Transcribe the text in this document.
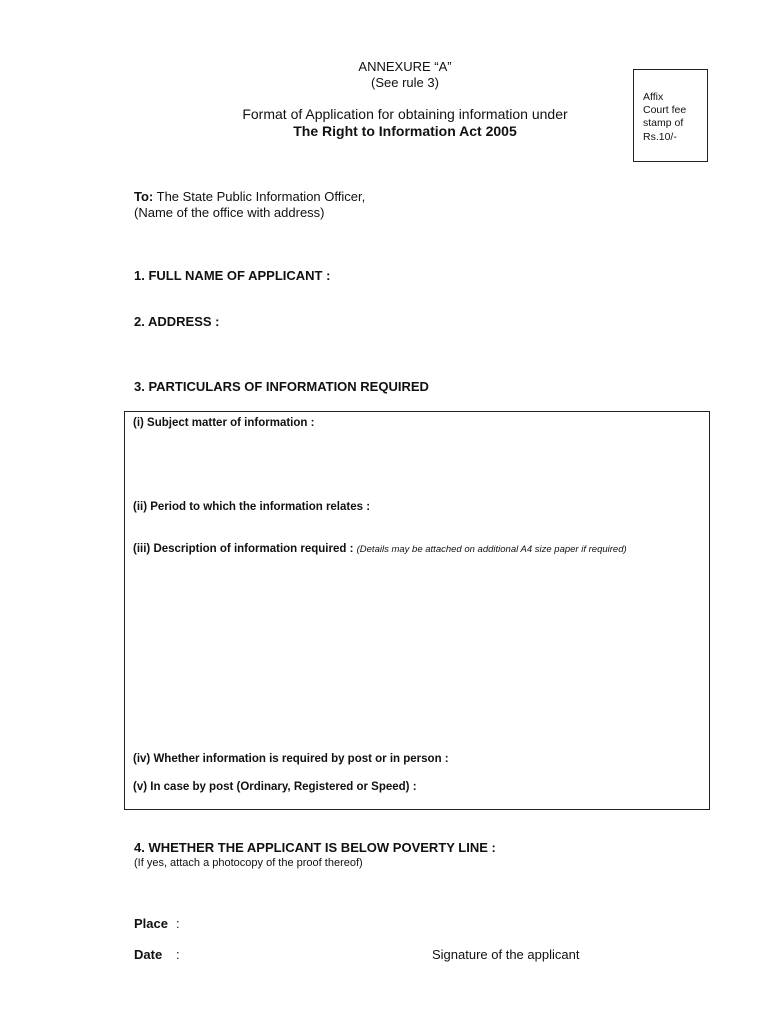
ANNEXURE “A”
(See rule 3)
Format of Application for obtaining information under
The Right to Information Act 2005
Affix
Court fee
stamp of
Rs.10/-
To: The State Public Information Officer,
(Name of the office with address)
1. FULL NAME OF APPLICANT :
2. ADDRESS :
3. PARTICULARS OF INFORMATION REQUIRED
(i) Subject matter of information :
(ii) Period to which the information relates :
(iii) Description of information required : (Details may be attached on additional A4 size paper if required)
(iv) Whether information is required by post or in person :
(v) In case by post (Ordinary, Registered or Speed) :
4. WHETHER THE APPLICANT IS BELOW POVERTY LINE :
(If yes, attach a photocopy of the proof thereof)
Place :
Date :	Signature of the applicant
